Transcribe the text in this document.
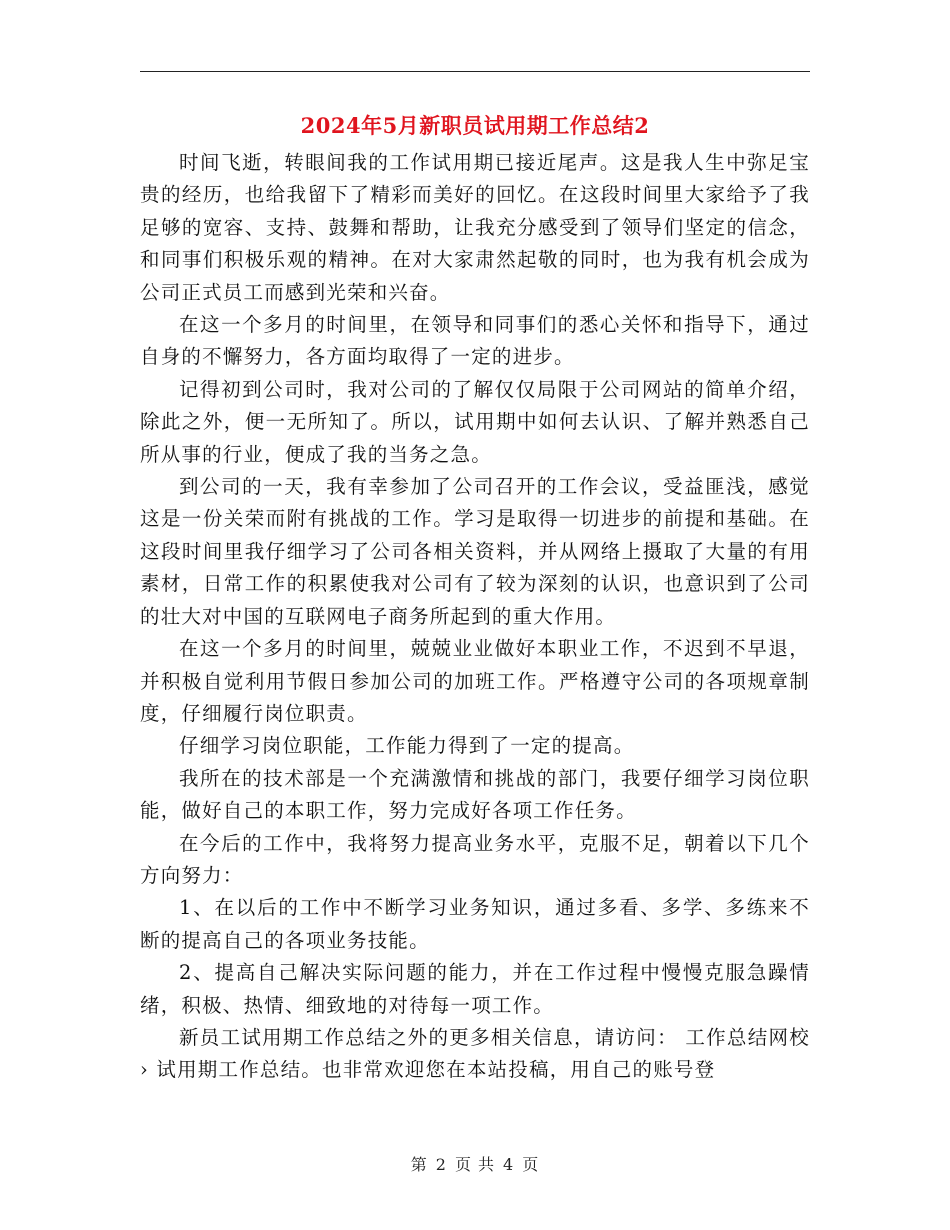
2024年5月新职员试用期工作总结2

时间飞逝，转眼间我的工作试用期已接近尾声。这是我人生中弥足宝贵的经历，也给我留下了精彩而美好的回忆。在这段时间里大家给予了我足够的宽容、支持、鼓舞和帮助，让我充分感受到了领导们坚定的信念，和同事们积极乐观的精神。在对大家肃然起敬的同时，也为我有机会成为公司正式员工而感到光荣和兴奋。

在这一个多月的时间里，在领导和同事们的悉心关怀和指导下，通过自身的不懈努力，各方面均取得了一定的进步。

记得初到公司时，我对公司的了解仅仅局限于公司网站的简单介绍，除此之外，便一无所知了。所以，试用期中如何去认识、了解并熟悉自己所从事的行业，便成了我的当务之急。

到公司的一天，我有幸参加了公司召开的工作会议，受益匪浅，感觉这是一份关荣而附有挑战的工作。学习是取得一切进步的前提和基础。在这段时间里我仔细学习了公司各相关资料，并从网络上摄取了大量的有用素材，日常工作的积累使我对公司有了较为深刻的认识，也意识到了公司的壮大对中国的互联网电子商务所起到的重大作用。

在这一个多月的时间里，兢兢业业做好本职业工作，不迟到不早退，并积极自觉利用节假日参加公司的加班工作。严格遵守公司的各项规章制度，仔细履行岗位职责。

仔细学习岗位职能，工作能力得到了一定的提高。

我所在的技术部是一个充满激情和挑战的部门，我要仔细学习岗位职能，做好自己的本职工作，努力完成好各项工作任务。

在今后的工作中，我将努力提高业务水平，克服不足，朝着以下几个方向努力：

1、在以后的工作中不断学习业务知识，通过多看、多学、多练来不断的提高自己的各项业务技能。

2、提高自己解决实际问题的能力，并在工作过程中慢慢克服急躁情绪，积极、热情、细致地的对待每一项工作。

新员工试用期工作总结之外的更多相关信息，请访问： 工作总结网校 › 试用期工作总结。也非常欢迎您在本站投稿，用自己的账号登

第 2 页 共 4 页
